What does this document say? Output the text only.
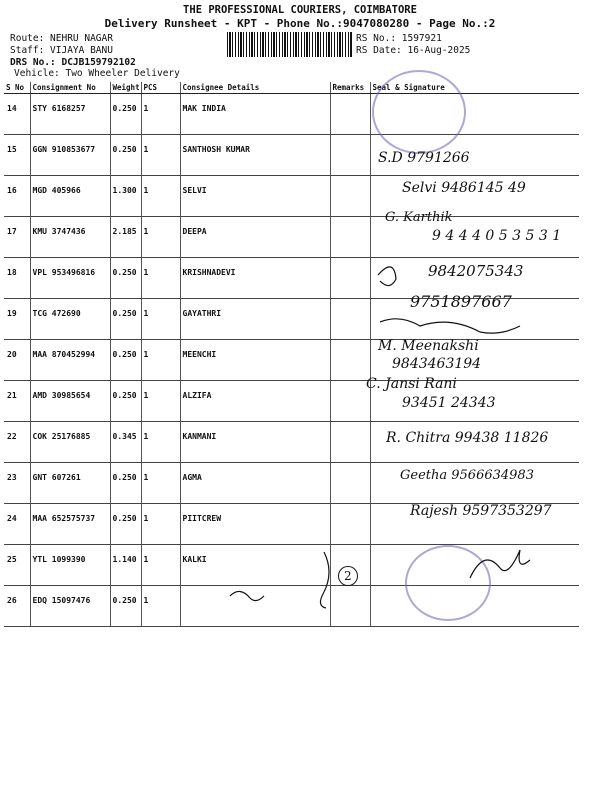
THE PROFESSIONAL COURIERS, COIMBATORE
Delivery Runsheet - KPT - Phone No.:9047080280 - Page No.:2
Route: NEHRU NAGAR
Staff: VIJAYA BANU
DRS No.: DCJB159792102
Vehicle: Two Wheeler Delivery
RS No.: 1597921
RS Date: 16-Aug-2025
S No	Consignment No	Weight	PCS	Consignee Details	Remarks	Seal & Signature
14	STY 6168257	0.250	1	MAK INDIA		
15	GGN 910853677	0.250	1	SANTHOSH KUMAR		
16	MGD 405966	1.300	1	SELVI		
17	KMU 3747436	2.185	1	DEEPA		
18	VPL 953496816	0.250	1	KRISHNADEVI		
19	TCG 472690	0.250	1	GAYATHRI		
20	MAA 870452994	0.250	1	MEENCHI		
21	AMD 30985654	0.250	1	ALZIFA		
22	COK 25176885	0.345	1	KANMANI		
23	GNT 607261	0.250	1	AGMA		
24	MAA 652575737	0.250	1	PIITCREW		
25	YTL 1099390	1.140	1	KALKI		
26	EDQ 15097476	0.250	1			
S.D 9791266
Selvi 9486145 49
G. Karthik
9 4 4 4 0 5 3 5 3 1
9842075343
9751897667
M. Meenakshi
9843463194
C. Jansi Rani
93451 24343
R. Chitra 99438 11826
Geetha 9566634983
Rajesh 9597353297
2
